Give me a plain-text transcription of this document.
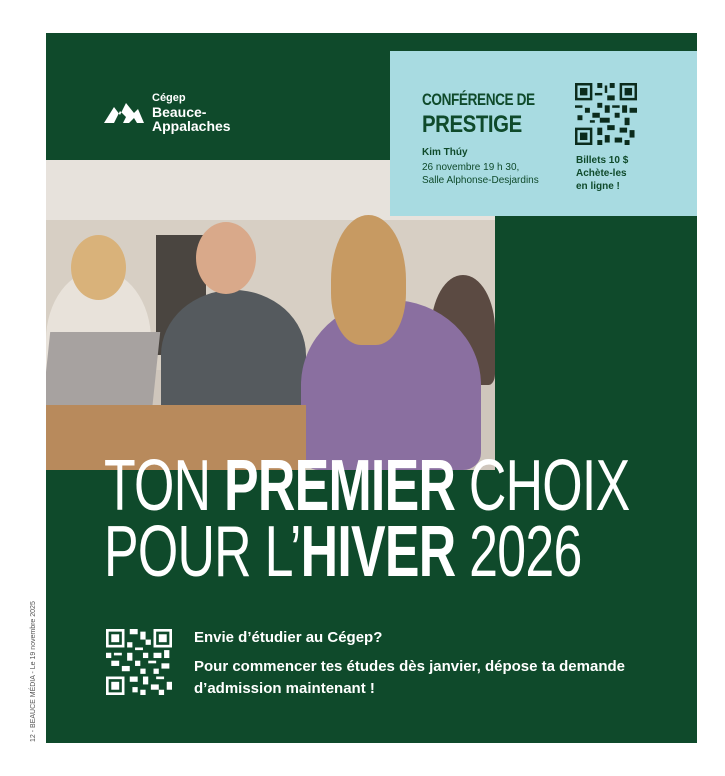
12 - BEAUCE MÉDIA - Le 19 novembre 2025
Cégep
Beauce-
Appalaches
CONFÉRENCE DE
PRESTIGE
Kim Thúy
26 novembre 19 h 30,
Salle Alphonse-Desjardins
Billets 10 $
Achète-les
en ligne !
TON PREMIER CHOIX
POUR L’HIVER 2026
Envie d’étudier au Cégep?
Pour commencer tes études dès janvier, dépose ta demande d’admission maintenant !
